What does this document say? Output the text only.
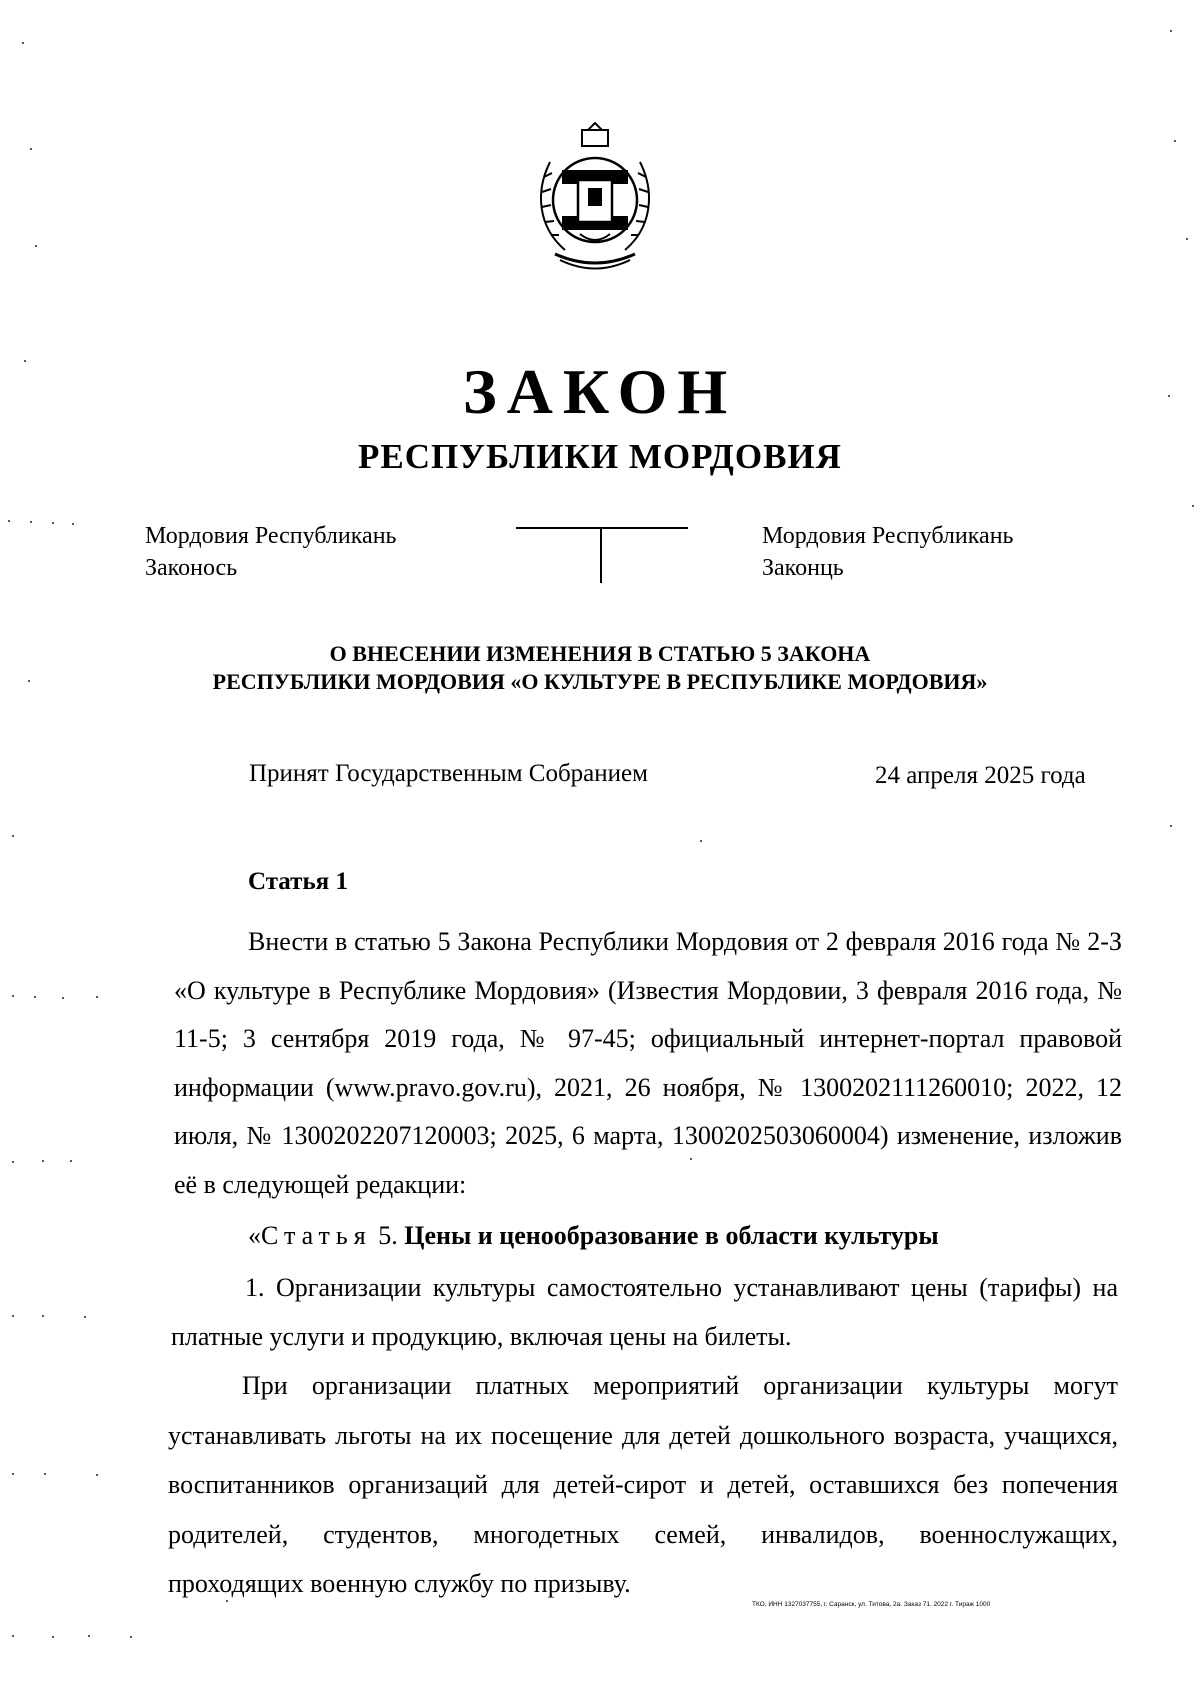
ЗАКОН
РЕСПУБЛИКИ МОРДОВИЯ
Мордовия Республикань
Законось
Мордовия Республикань
Законць
О ВНЕСЕНИИ ИЗМЕНЕНИЯ В СТАТЬЮ 5 ЗАКОНА
РЕСПУБЛИКИ МОРДОВИЯ «О КУЛЬТУРЕ В РЕСПУБЛИКЕ МОРДОВИЯ»
Принят Государственным Собранием	24 апреля 2025 года
Статья 1

Внести в статью 5 Закона Республики Мордовия от 2 февраля 2016 года № 2-З «О культуре в Республике Мордовия» (Известия Мордовии, 3 февраля 2016 года, № 11-5; 3 сентября 2019 года, № 97-45; официальный интернет-портал правовой информации (www.pravo.gov.ru), 2021, 26 ноября, № 1300202111260010; 2022, 12 июля, № 1300202207120003; 2025, 6 марта, 1300202503060004) изменение, изложив её в следующей редакции:

«Статья 5. Цены и ценообразование в области культуры

1. Организации культуры самостоятельно устанавливают цены (тарифы) на платные услуги и продукцию, включая цены на билеты.

При организации платных мероприятий организации культуры могут устанавливать льготы на их посещение для детей дошкольного возраста, учащихся, воспитанников организаций для детей-сирот и детей, оставшихся без попечения родителей, студентов, многодетных семей, инвалидов, военнослужащих, проходящих военную службу по призыву.

ТКО, ИНН 1327037755, г. Саранск, ул. Титова, 2а. Заказ 71. 2022 г. Тираж 1000
